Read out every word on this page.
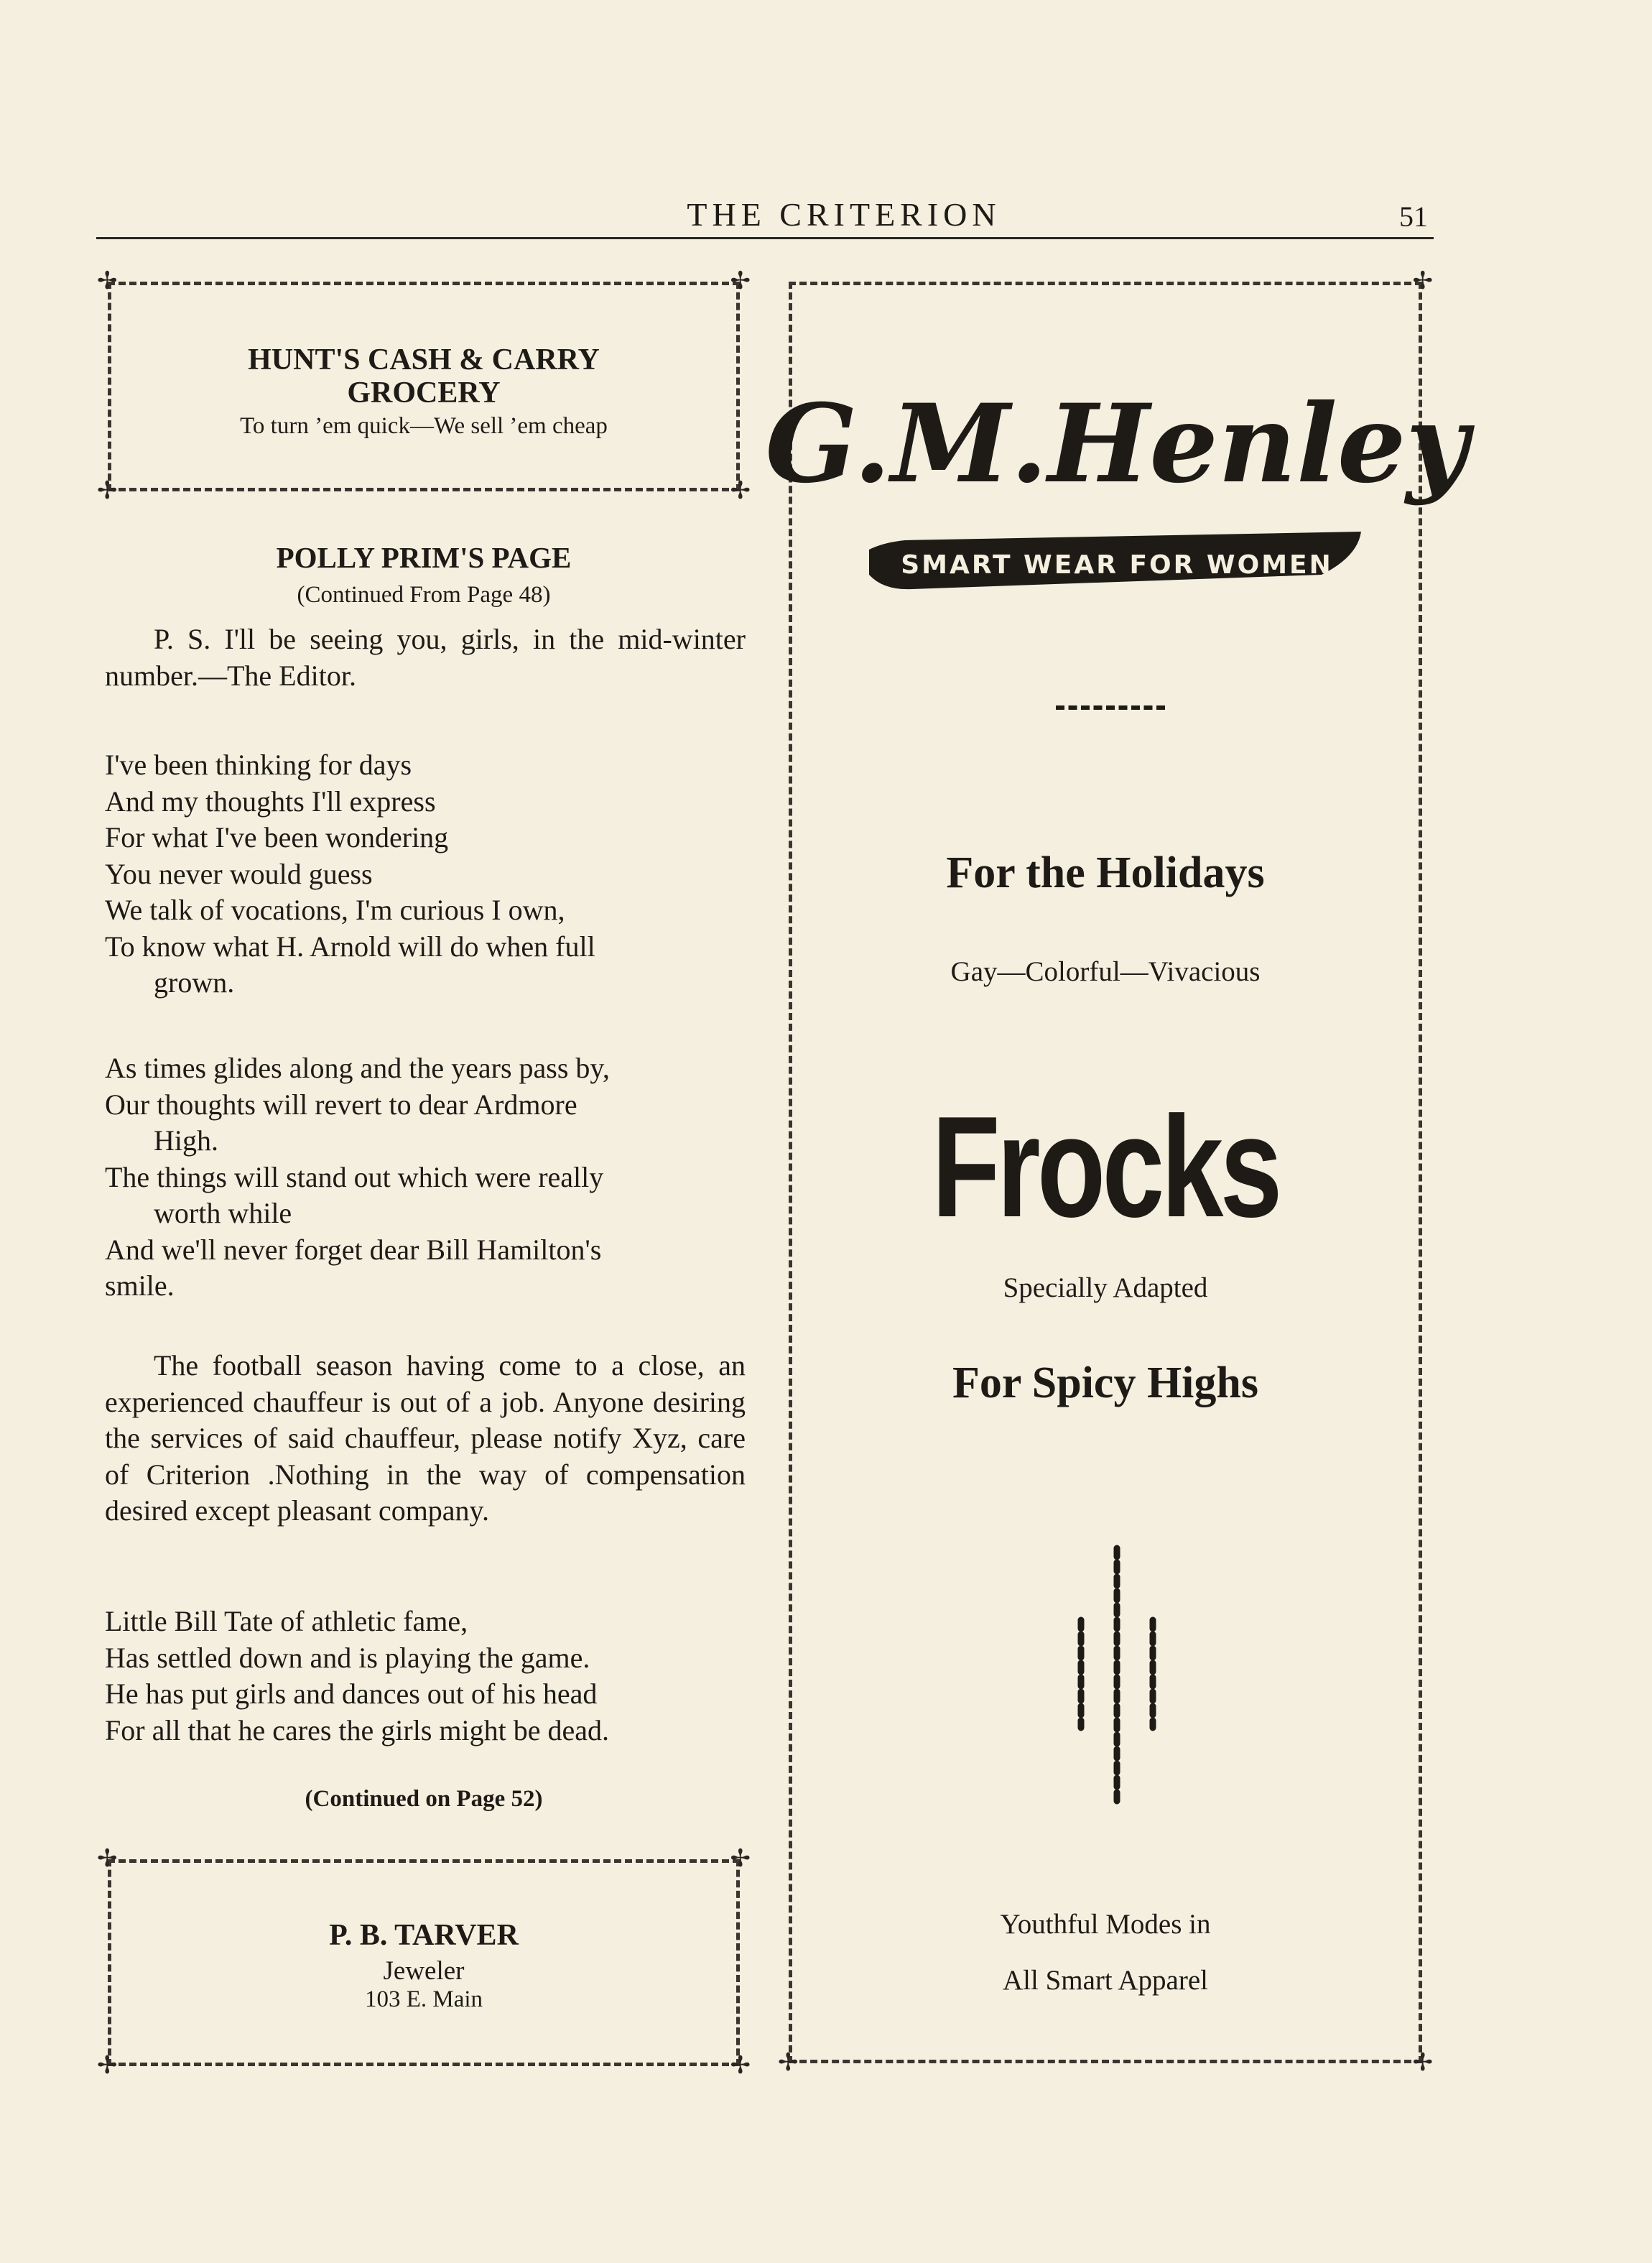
THE CRITERION	51
✢	✢
✢	✢
HUNT'S CASH & CARRY
GROCERY
To turn ’em quick—We sell ’em cheap
POLLY PRIM'S PAGE
(Continued From Page 48)

P. S. I'll be seeing you, girls, in the mid-winter number.—The Editor.

I've been thinking for days
And my thoughts I'll express
For what I've been wondering
You never would guess
We talk of vocations, I'm curious I own,
To know what H. Arnold will do when full
grown.
As times glides along and the years pass by,
Our thoughts will revert to dear Ardmore
High.
The things will stand out which were really
worth while
And we'll never forget dear Bill Hamilton's
smile.

The football season having come to a close, an experienced chauffeur is out of a job. Anyone desiring the services of said chauffeur, please notify Xyz, care of Criterion .Nothing in the way of compensation desired except pleasant company.

Little Bill Tate of athletic fame,
Has settled down and is playing the game.
He has put girls and dances out of his head
For all that he cares the girls might be dead.
(Continued on Page 52)
✢	✢
✢	✢
P. B. TARVER
Jeweler
103 E. Main
✢
✢	✢
G.M.Henley
SMART WEAR FOR WOMEN
For the Holidays
Gay—Colorful—Vivacious
Frocks
Specially Adapted
For Spicy Highs
Youthful Modes in
All Smart Apparel
